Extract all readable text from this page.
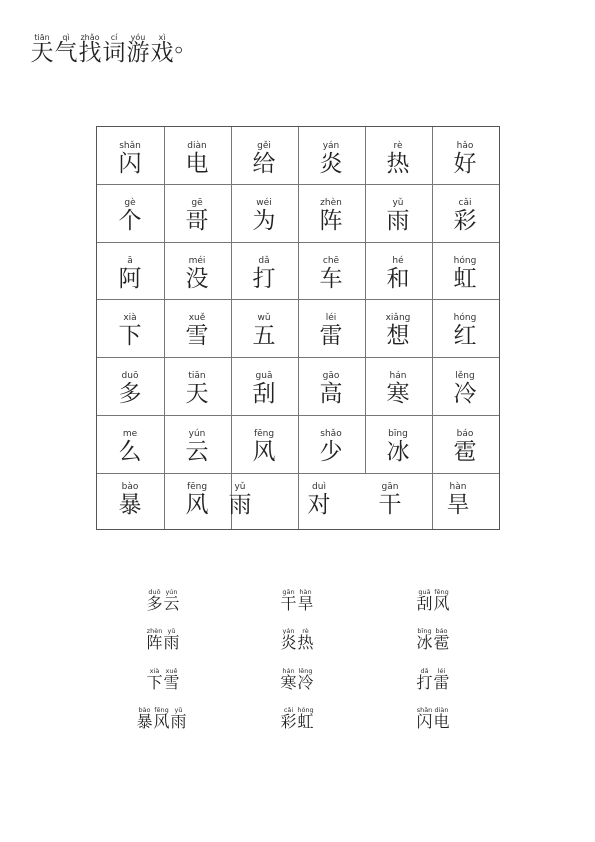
tiān
天
qì
气
zhǎo
找
cí
词
yóu
游
xì
戏 。
shǎn
闪
diàn
电
gěi
给
yán
炎
rè
热
hǎo
好
gè
个
gē
哥
wéi
为
zhèn
阵
yǔ
雨
cǎi
彩
ā
阿
méi
没
dǎ
打
chē
车
hé
和
hóng
虹
xià
下
xuě
雪
wǔ
五
léi
雷
xiǎng
想
hóng
红
duō
多
tiān
天
guā
刮
gāo
高
hán
寒
lěng
冷
me
么
yún
云
fēng
风
shǎo
少
bīng
冰
báo
雹
bào
暴
fēng
风
yǔ
雨
duì
对
gān
干
hàn
旱
duō
多
yún
云
zhèn
阵
yǔ
雨
xià
下
xuě
雪
bào
暴
fēng
风
yǔ
雨
gān
干
hàn
旱
yán
炎
rè
热
hán
寒
lěng
冷
cǎi
彩
hóng
虹
guā
刮
fēng
风
bīng
冰
báo
雹
dǎ
打
léi
雷
shǎn
闪
diàn
电
